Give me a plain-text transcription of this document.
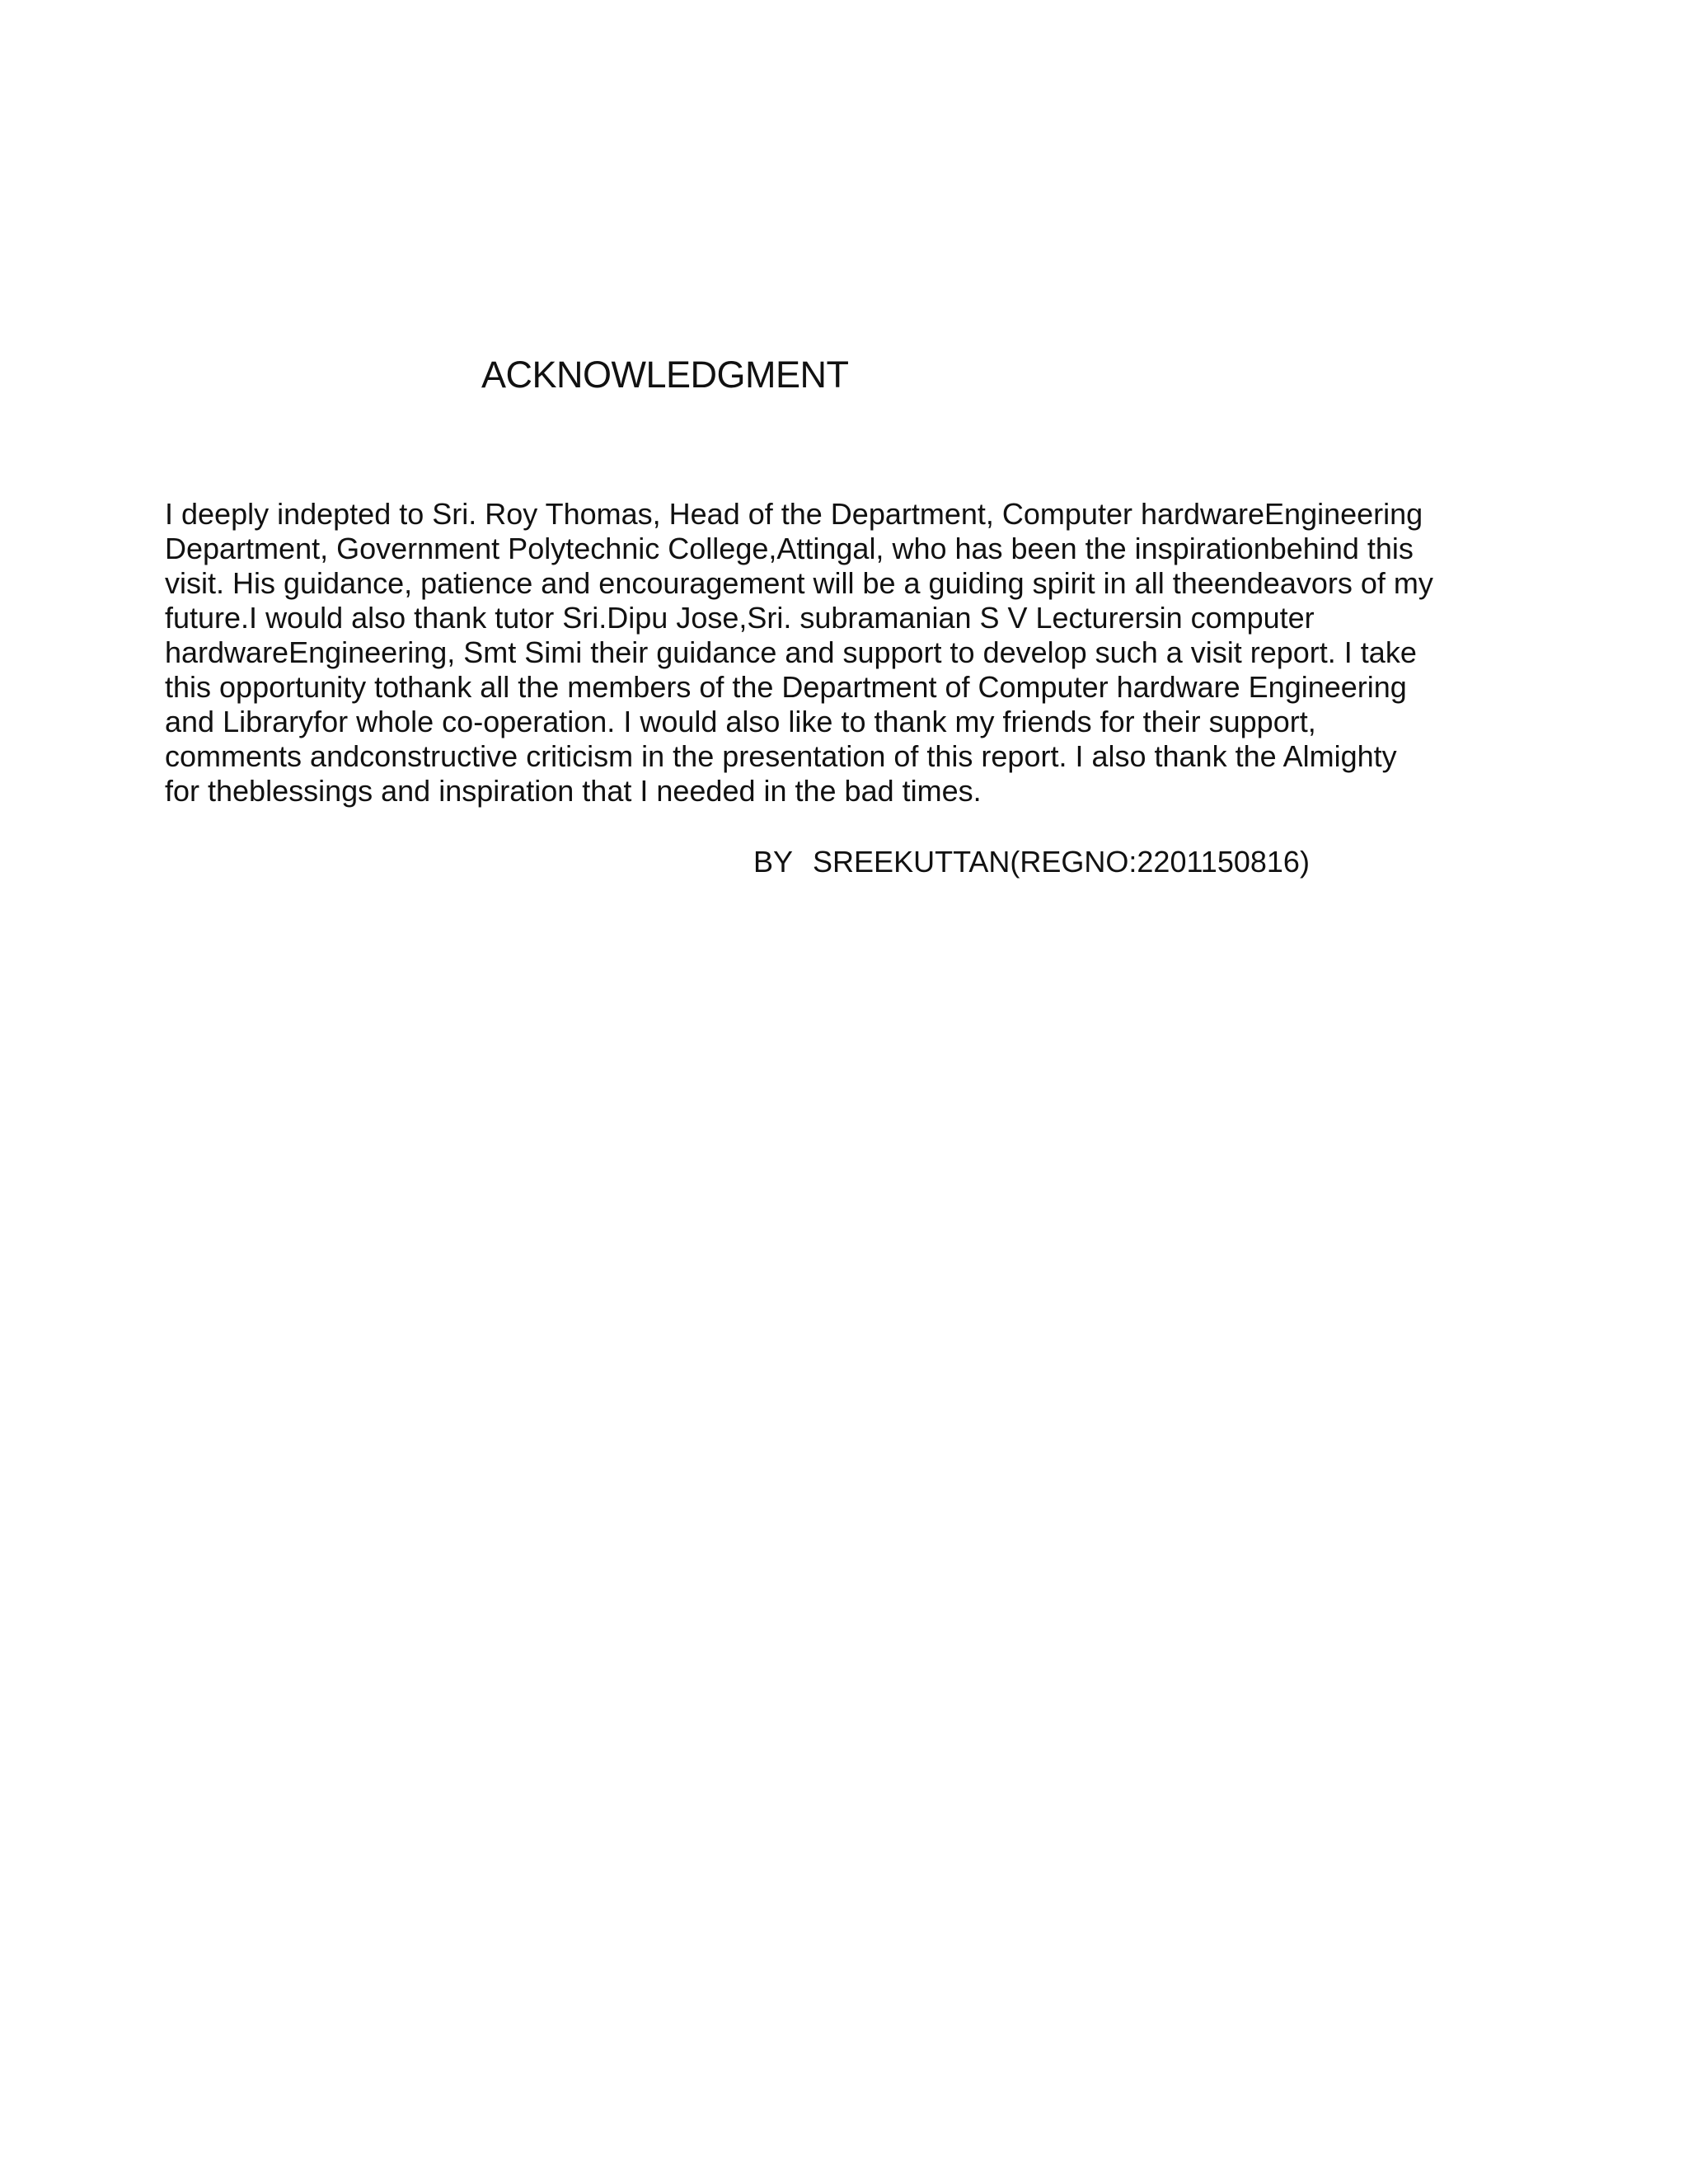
ACKNOWLEDGMENT

I deeply indepted to Sri. Roy Thomas, Head of the Department, Computer hardwareEngineering
Department, Government Polytechnic College,Attingal, who has been the inspirationbehind this
visit. His guidance, patience and encouragement will be a guiding spirit in all theendeavors of my
future.I would also thank tutor Sri.Dipu Jose,Sri. subramanian S V Lecturersin computer
hardwareEngineering, Smt Simi their guidance and support to develop such a visit report. I take
this opportunity tothank all the members of the Department of Computer hardware Engineering
and Libraryfor whole co-operation. I would also like to thank my friends for their support,
comments andconstructive criticism in the presentation of this report. I also thank the Almighty
for theblessings and inspiration that I needed in the bad times.

BY SREEKUTTAN(REGNO:2201150816)
